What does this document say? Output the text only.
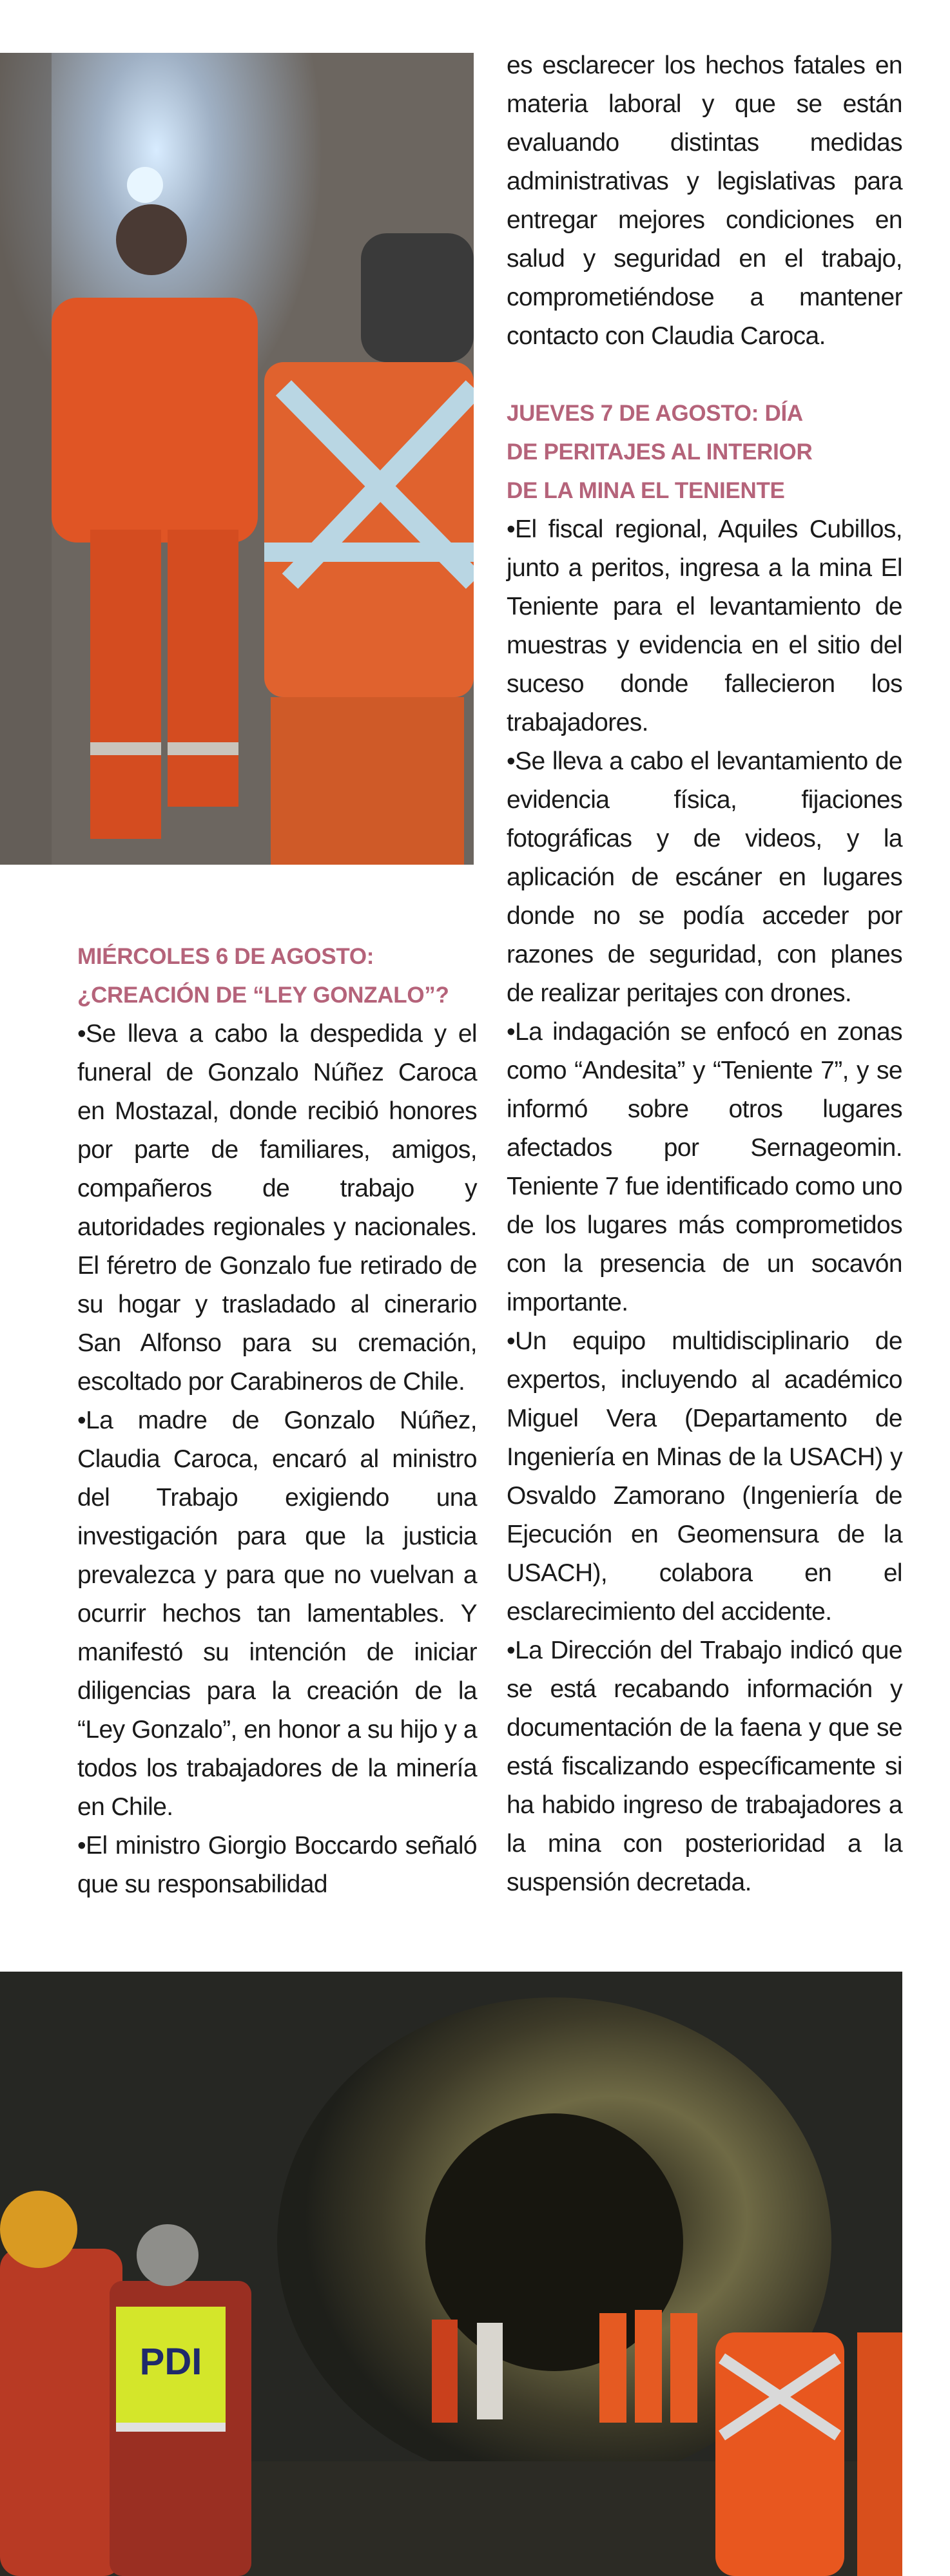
es esclarecer los hechos fatales en materia laboral y que se están evaluando distintas medidas administrativas y legislativas para entregar mejores condiciones en salud y seguridad en el trabajo, comprometiéndose a mantener contacto con Claudia Caroca.

JUEVES 7 DE AGOSTO: DÍA
DE PERITAJES AL INTERIOR
DE LA MINA EL TENIENTE

•El fiscal regional, Aquiles Cubillos, junto a peritos, ingresa a la mina El Teniente para el levantamiento de muestras y evidencia en el sitio del suceso donde fallecieron los trabajadores.

•Se lleva a cabo el levantamiento de evidencia física, fijaciones fotográficas y de videos, y la aplicación de escáner en lugares donde no se podía acceder por razones de seguridad, con planes de realizar peritajes con drones.

•La indagación se enfocó en zonas como “Andesita” y “Teniente 7”, y se informó sobre otros lugares afectados por Sernageomin. Teniente 7 fue identificado como uno de los lugares más comprometidos con la presencia de un socavón importante.

•Un equipo multidisciplinario de expertos, incluyendo al académico Miguel Vera (Departamento de Ingeniería en Minas de la USACH) y Osvaldo Zamorano (Ingeniería de Ejecución en Geomensura de la USACH), colabora en el esclarecimiento del accidente.

•La Dirección del Trabajo indicó que se está recabando información y documentación de la faena y que se está fiscalizando específicamente si ha habido ingreso de trabajadores a la mina con posterioridad a la suspensión decretada.

MIÉRCOLES 6 DE AGOSTO:
¿CREACIÓN DE “LEY GONZALO”?

•Se lleva a cabo la despedida y el funeral de Gonzalo Núñez Caroca en Mostazal, donde recibió honores por parte de familiares, amigos, compañeros de trabajo y autoridades regionales y nacionales. El féretro de Gonzalo fue retirado de su hogar y trasladado al cinerario San Alfonso para su cremación, escoltado por Carabineros de Chile.

•La madre de Gonzalo Núñez, Claudia Caroca, encaró al ministro del Trabajo exigiendo una investigación para que la justicia prevalezca y para que no vuelvan a ocurrir hechos tan lamentables. Y manifestó su intención de iniciar diligencias para la creación de la “Ley Gonzalo”, en honor a su hijo y a todos los trabajadores de la minería en Chile.

•El ministro Giorgio Boccardo señaló que su responsabilidad

PDI
